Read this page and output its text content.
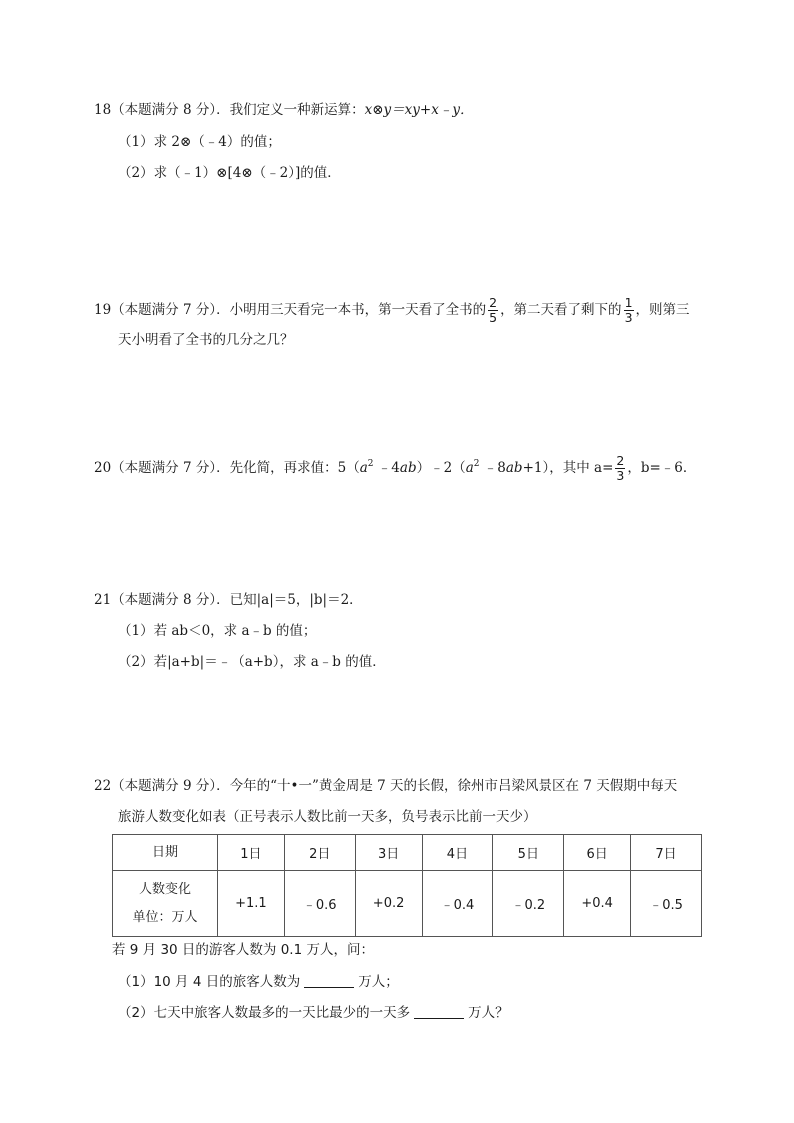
18（本题满分 8 分）．我们定义一种新运算：x⊗y＝xy+x﹣y．
（1）求 2⊗（﹣4）的值；
（2）求（﹣1）⊗[4⊗（﹣2）]的值．
19（本题满分 7 分）．小明用三天看完一本书，第一天看了全书的 $\frac{2}{5}$ ，第二天看了剩下的 $\frac{1}{3}$ ，则第三
天小明看了全书的几分之几？
20（本题满分 7 分）．先化简，再求值：$5(a^2$ $﹣4ab)﹣2(a^2$ ﹣8ab+1），其中 $a= \frac{2}{3}$ ，b=﹣6．
21（本题满分 8 分）．已知|a|＝5，|b|＝2．
（1）若 ab＜0，求 a﹣b 的值；
（2）若|a+b|＝﹣（a+b），求 a﹣b 的值．
22（本题满分 9 分）．今年的“十•一”黄金周是 7 天的长假，徐州市吕梁风景区在 7 天假期中每天
旅游人数变化如表（正号表示人数比前一天多，负号表示比前一天少）
日期	1日	2日	3日	4日	5日	6日	7日

人数变化
单位：万人	+1.1	﹣0.6	+0.2	﹣0.4	﹣0.2	+0.4	﹣0.5
若 9 月 30 日的游客人数为 0.1 万人，问：
（1）10 月 4 日的旅客人数为	万人；
（2）七天中旅客人数最多的一天比最少的一天多	万人？
